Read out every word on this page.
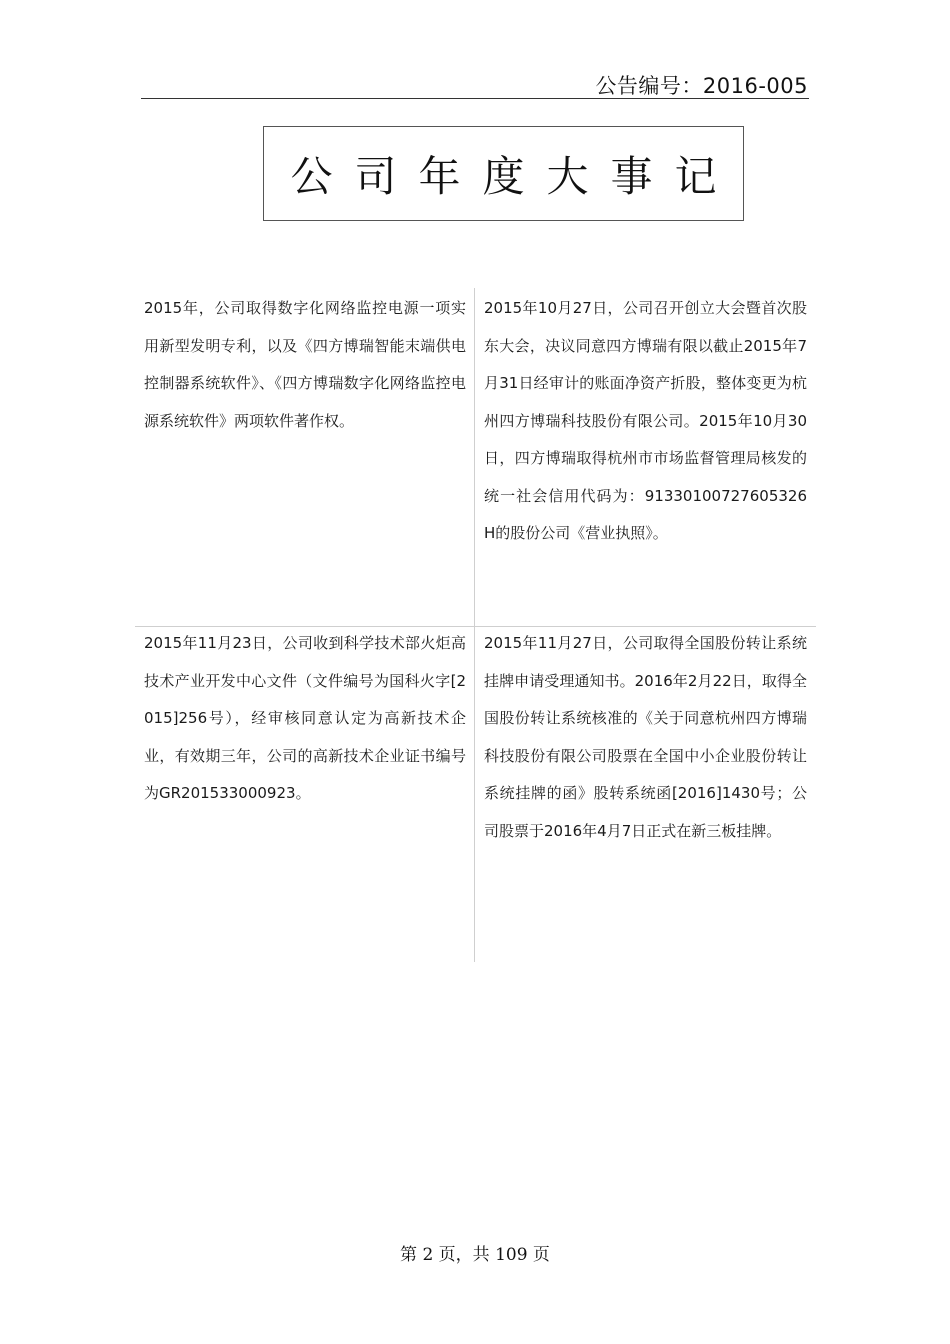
公告编号：2016-005
公司年度大事记
2015年，公司取得数字化网络监控电源一项实用新型发明专利，以及《四方博瑞智能末端供电控制器系统软件》、《四方博瑞数字化网络监控电源系统软件》两项软件著作权。
2015年10月27日，公司召开创立大会暨首次股东大会，决议同意四方博瑞有限以截止2015年7月31日经审计的账面净资产折股，整体变更为杭州四方博瑞科技股份有限公司。2015年10月30日，四方博瑞取得杭州市市场监督管理局核发的统一社会信用代码为：91330100727605326H的股份公司《营业执照》。
2015年11月23日，公司收到科学技术部火炬高技术产业开发中心文件（文件编号为国科火字[2015]256号），经审核同意认定为高新技术企业，有效期三年，公司的高新技术企业证书编号为GR201533000923。
2015年11月27日，公司取得全国股份转让系统挂牌申请受理通知书。2016年2月22日，取得全国股份转让系统核准的《关于同意杭州四方博瑞科技股份有限公司股票在全国中小企业股份转让系统挂牌的函》股转系统函[2016]1430号；公司股票于2016年4月7日正式在新三板挂牌。
第 2 页，共 109 页
